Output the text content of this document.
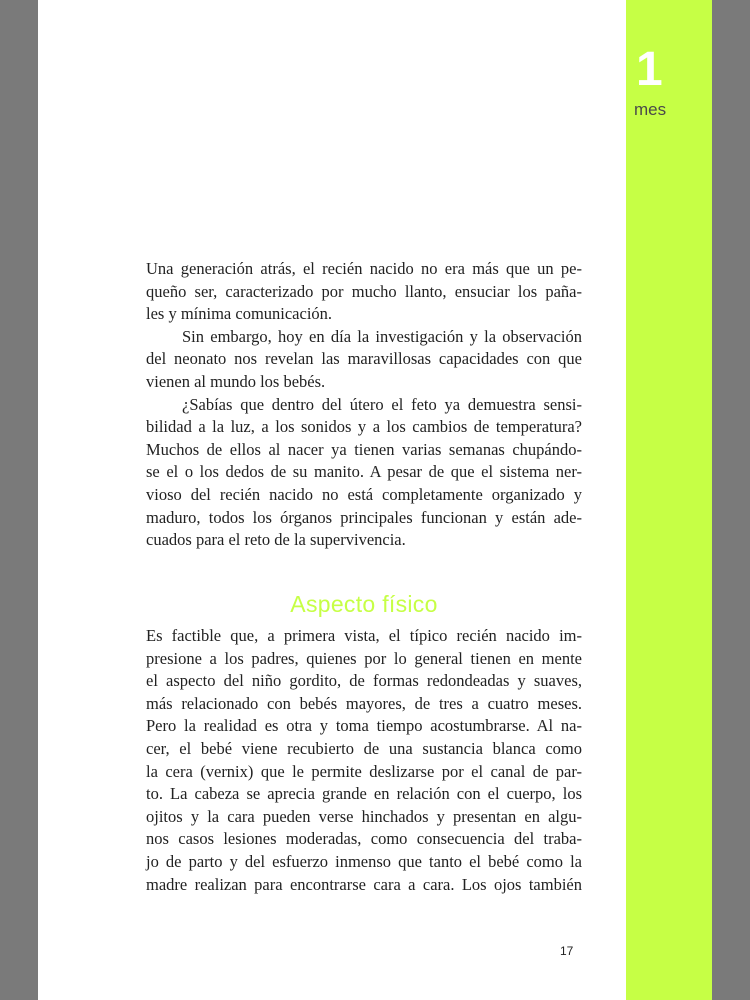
1
mes
Una generación atrás, el recién nacido no era más que un pe-
queño ser, caracterizado por mucho llanto, ensuciar los paña-
les y mínima comunicación.
Sin embargo, hoy en día la investigación y la observación
del neonato nos revelan las maravillosas capacidades con que
vienen al mundo los bebés.
¿Sabías que dentro del útero el feto ya demuestra sensi-
bilidad a la luz, a los sonidos y a los cambios de temperatura?
Muchos de ellos al nacer ya tienen varias semanas chupándo-
se el o los dedos de su manito. A pesar de que el sistema ner-
vioso del recién nacido no está completamente organizado y
maduro, todos los órganos principales funcionan y están ade-
cuados para el reto de la supervivencia.
Aspecto físico
Es factible que, a primera vista, el típico recién nacido im-
presione a los padres, quienes por lo general tienen en mente
el aspecto del niño gordito, de formas redondeadas y suaves,
más relacionado con bebés mayores, de tres a cuatro meses.
Pero la realidad es otra y toma tiempo acostumbrarse. Al na-
cer, el bebé viene recubierto de una sustancia blanca como
la cera (vernix) que le permite deslizarse por el canal de par-
to. La cabeza se aprecia grande en relación con el cuerpo, los
ojitos y la cara pueden verse hinchados y presentan en algu-
nos casos lesiones moderadas, como consecuencia del traba-
jo de parto y del esfuerzo inmenso que tanto el bebé como la
madre realizan para encontrarse cara a cara. Los ojos también
17
